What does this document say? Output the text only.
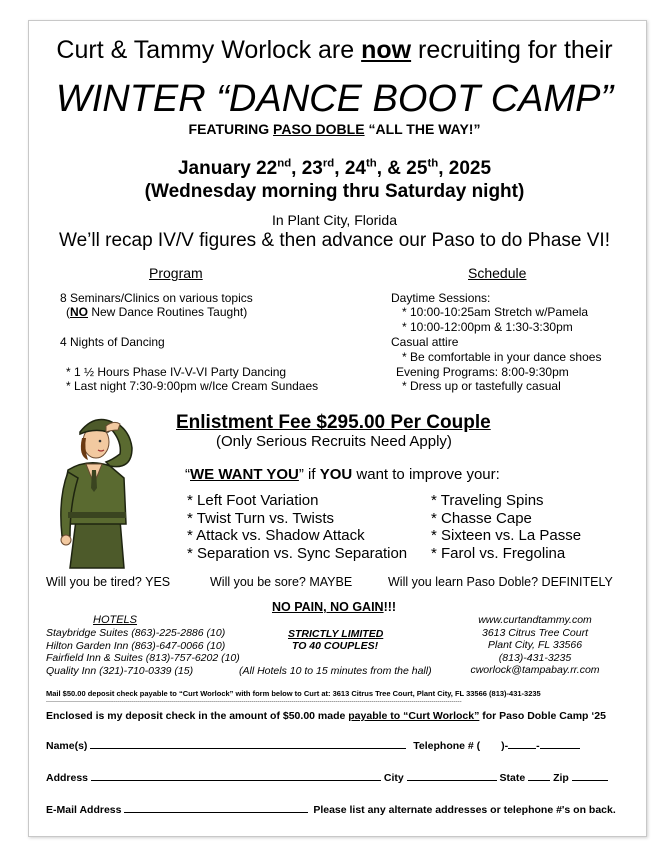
Curt & Tammy Worlock are now recruiting for their
WINTER “DANCE BOOT CAMP”
FEATURING PASO DOBLE “ALL THE WAY!”
January 22nd, 23rd, 24th, & 25th, 2025
(Wednesday morning thru Saturday night)
In Plant City, Florida
We’ll recap IV/V figures & then advance our Paso to do Phase VI!
Program
8 Seminars/Clinics on various topics
(NO New Dance Routines Taught)
4 Nights of Dancing
* 1 ½ Hours Phase IV-V-VI Party Dancing
* Last night 7:30-9:00pm w/Ice Cream Sundaes
Schedule
Daytime Sessions:
* 10:00-10:25am Stretch w/Pamela
* 10:00-12:00pm & 1:30-3:30pm
Casual attire
* Be comfortable in your dance shoes
Evening Programs: 8:00-9:30pm
* Dress up or tastefully casual
Enlistment Fee $295.00 Per Couple
(Only Serious Recruits Need Apply)
“WE WANT YOU” if YOU want to improve your:
* Left Foot Variation
* Twist Turn vs. Twists
* Attack vs. Shadow Attack
* Separation vs. Sync Separation
* Traveling Spins
* Chasse Cape
* Sixteen vs. La Passe
* Farol vs. Fregolina
Will you be tired? YES	Will you be sore? MAYBE	Will you learn Paso Doble? DEFINITELY
NO PAIN, NO GAIN!!!
HOTELS
Staybridge Suites (863)-225-2886 (10)
Hilton Garden Inn (863)-647-0066 (10)
Fairfield Inn & Suites (813)-757-6202 (10)
Quality Inn (321)-710-0339 (15)	(All Hotels 10 to 15 minutes from the hall)
STRICTLY LIMITED
TO 40 COUPLES!
www.curtandtammy.com
3613 Citrus Tree Court
Plant City, FL 33566
(813)-431-3235
cworlock@tampabay.rr.com
Mail $50.00 deposit check payable to “Curt Worlock” with form below to Curt at: 3613 Citrus Tree Court, Plant City, FL 33566 (813)-431-3235
----------------------------------------------------------------------------------------------------------------------------------------------------------------------------------------------------------------
Enclosed is my deposit check in the amount of $50.00 made payable to “Curt Worlock” for Paso Doble Camp ‘25
Name(s)	Telephone # ( )-	-
Address	City	State	Zip
E-Mail Address	Please list any alternate addresses or telephone #'s on back.
